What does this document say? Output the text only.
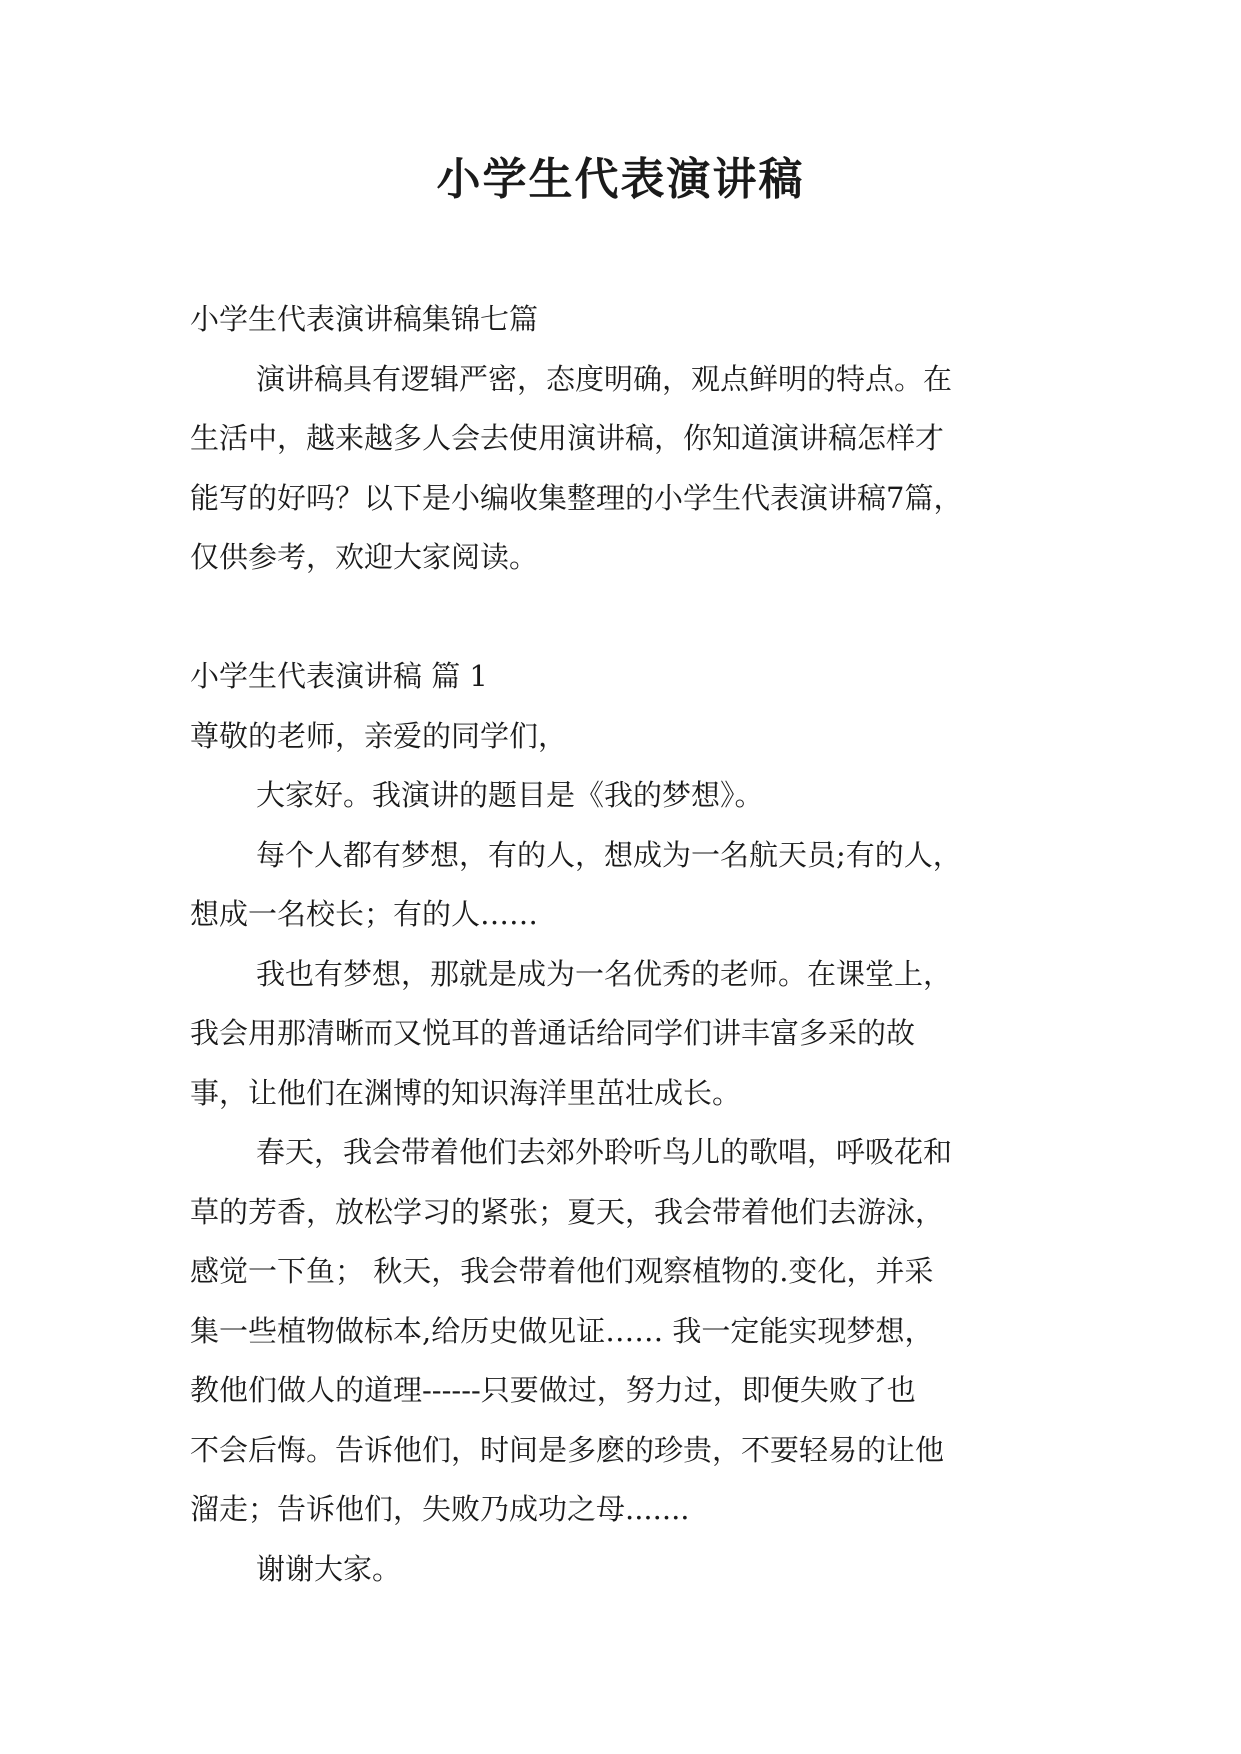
小学生代表演讲稿
小学生代表演讲稿集锦七篇
演讲稿具有逻辑严密，态度明确，观点鲜明的特点。在
生活中，越来越多人会去使用演讲稿，你知道演讲稿怎样才
能写的好吗？以下是小编收集整理的小学生代表演讲稿7篇，
仅供参考，欢迎大家阅读。
小学生代表演讲稿 篇 1
尊敬的老师，亲爱的同学们，
大家好。我演讲的题目是《我的梦想》。
每个人都有梦想，有的人，想成为一名航天员;有的人，
想成一名校长；有的人……
我也有梦想，那就是成为一名优秀的老师。在课堂上，
我会用那清晰而又悦耳的普通话给同学们讲丰富多采的故
事，让他们在渊博的知识海洋里茁壮成长。
春天，我会带着他们去郊外聆听鸟儿的歌唱，呼吸花和
草的芳香，放松学习的紧张；夏天，我会带着他们去游泳，
感觉一下鱼； 秋天，我会带着他们观察植物的.变化，并采
集一些植物做标本,给历史做见证…… 我一定能实现梦想，
教他们做人的道理------只要做过，努力过，即便失败了也
不会后悔。告诉他们，时间是多麽的珍贵，不要轻易的让他
溜走；告诉他们，失败乃成功之母.......
谢谢大家。
